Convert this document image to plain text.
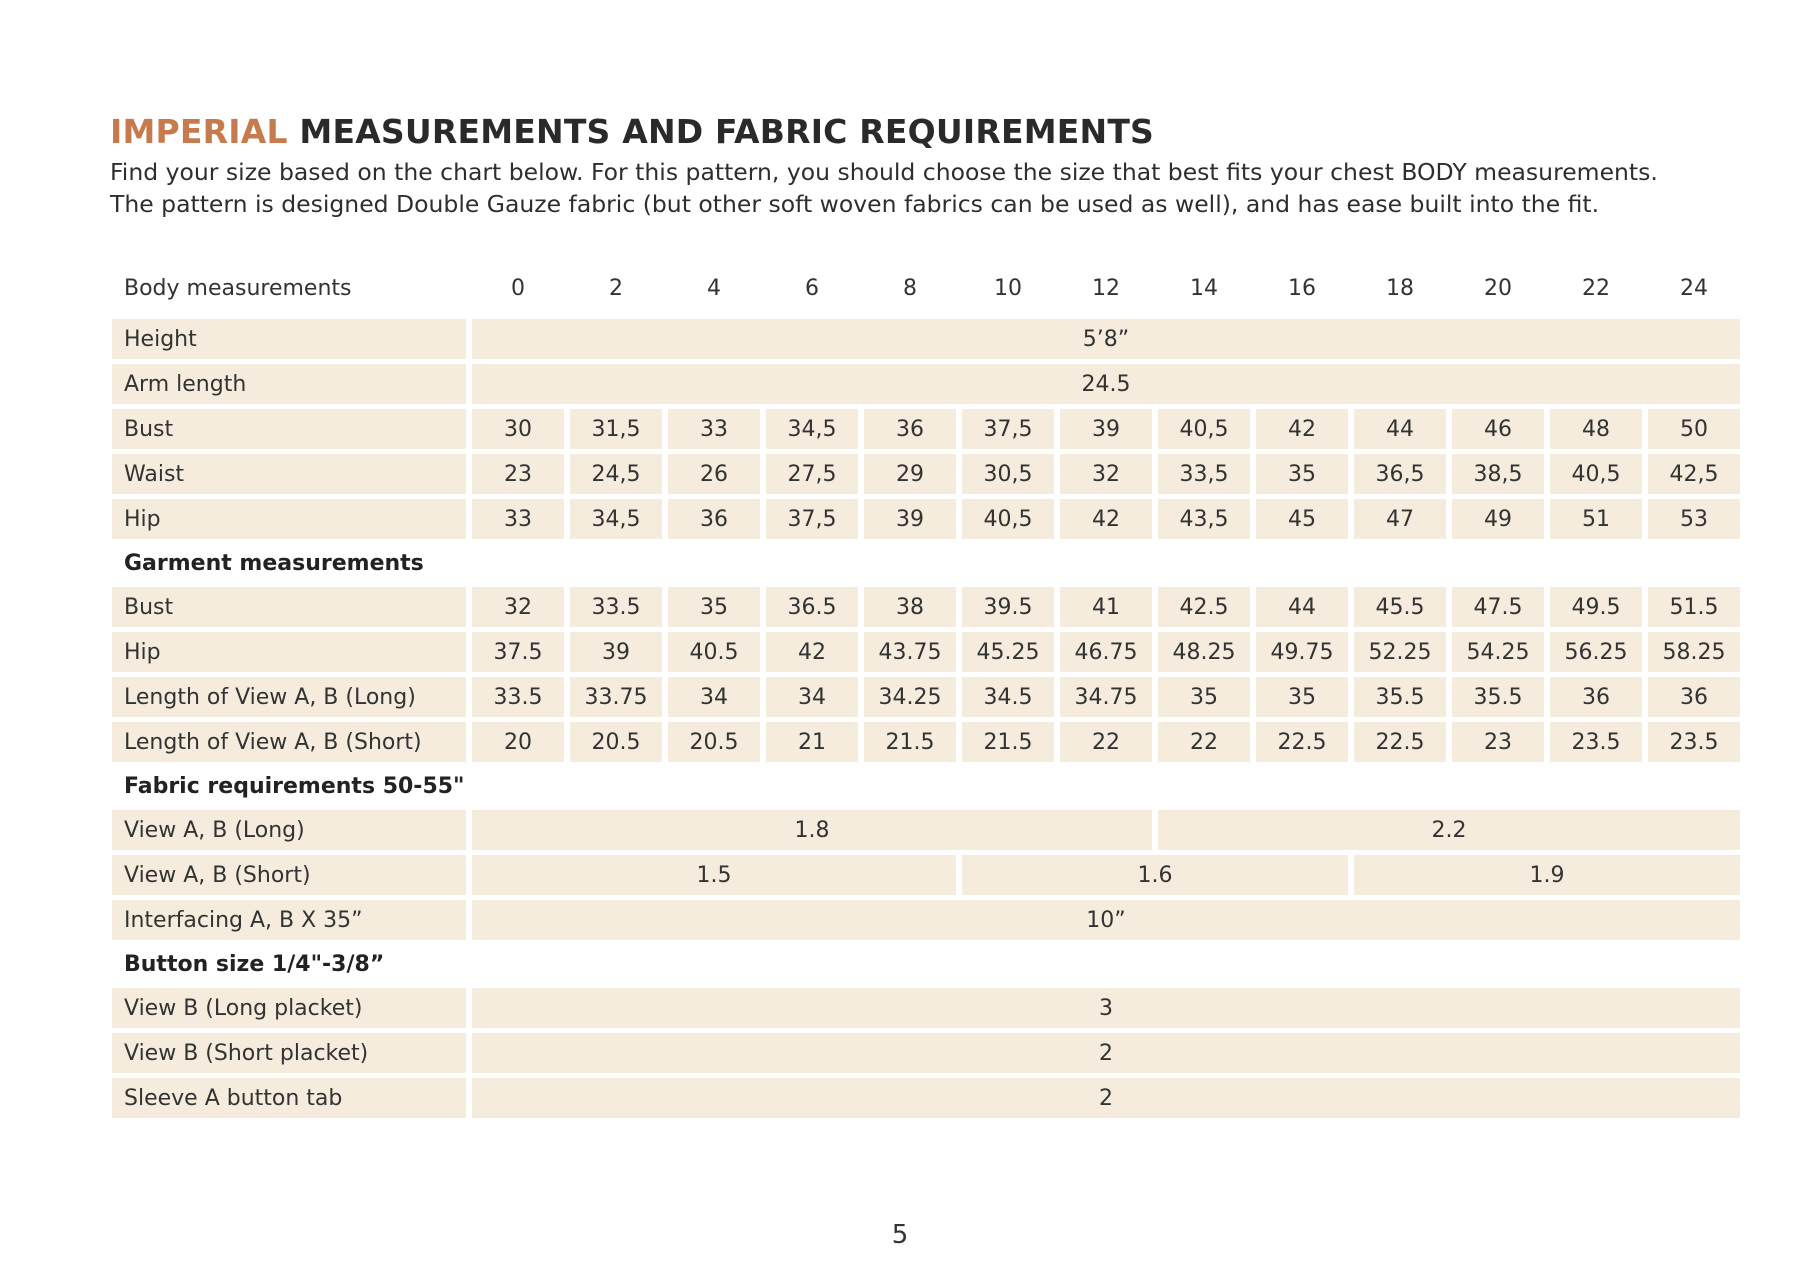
IMPERIAL MEASUREMENTS AND FABRIC REQUIREMENTS
Find your size based on the chart below. For this pattern, you should choose the size that best fits your chest BODY measurements.
The pattern is designed Double Gauze fabric (but other soft woven fabrics can be used as well), and has ease built into the fit.
Body measurements	0	2	4	6	8	10	12	14	16	18	20	22	24
Height	5’8”												
Arm length	24.5												
Bust	30	31,5	33	34,5	36	37,5	39	40,5	42	44	46	48	50
Waist	23	24,5	26	27,5	29	30,5	32	33,5	35	36,5	38,5	40,5	42,5
Hip	33	34,5	36	37,5	39	40,5	42	43,5	45	47	49	51	53
Garment measurements													
Bust	32	33.5	35	36.5	38	39.5	41	42.5	44	45.5	47.5	49.5	51.5
Hip	37.5	39	40.5	42	43.75	45.25	46.75	48.25	49.75	52.25	54.25	56.25	58.25
Length of View A, B (Long)	33.5	33.75	34	34	34.25	34.5	34.75	35	35	35.5	35.5	36	36
Length of View A, B (Short)	20	20.5	20.5	21	21.5	21.5	22	22	22.5	22.5	23	23.5	23.5
Fabric requirements 50-55"													
View A, B (Long)	1.8							2.2					
View A, B (Short)	1.5					1.6				1.9			
Interfacing A, B X 35”	10”												
Button size 1/4"-3/8”													
View B (Long placket)	3												
View B (Short placket)	2												
Sleeve A button tab	2												
5
